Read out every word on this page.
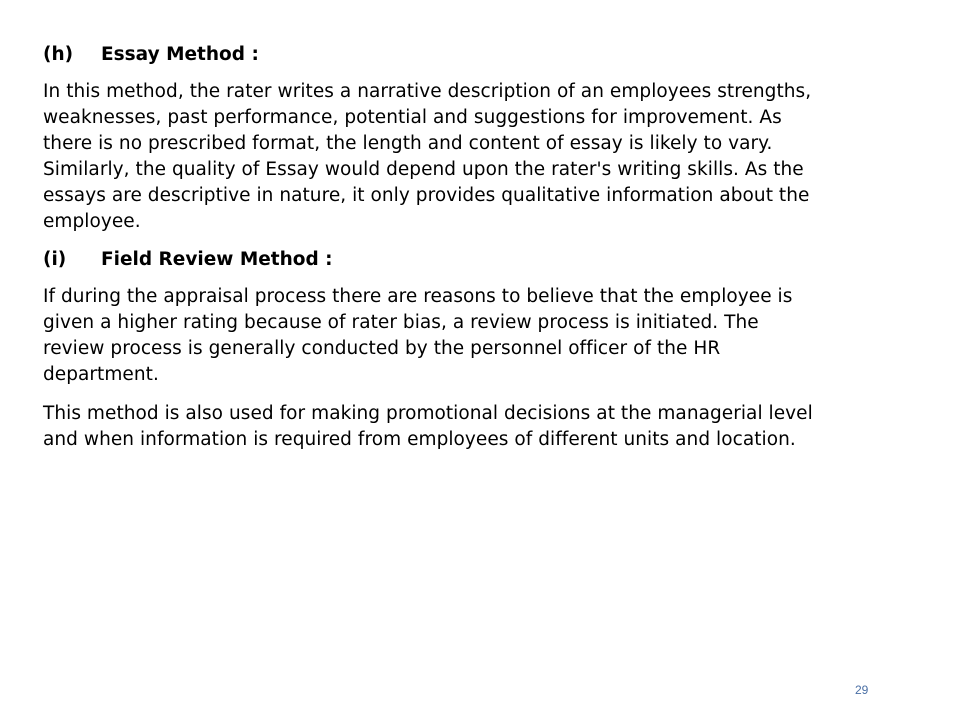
(h)	Essay Method :
In this method, the rater writes a narrative description of an employees strengths,
weaknesses, past performance, potential and suggestions for improvement. As
there is no prescribed format, the length and content of essay is likely to vary.
Similarly, the quality of Essay would depend upon the rater's writing skills. As the
essays are descriptive in nature, it only provides qualitative information about the
employee.
(i)	Field Review Method :
If during the appraisal process there are reasons to believe that the employee is
given a higher rating because of rater bias, a review process is initiated. The
review process is generally conducted by the personnel officer of the HR
department.
This method is also used for making promotional decisions at the managerial level
and when information is required from employees of different units and location.
29
